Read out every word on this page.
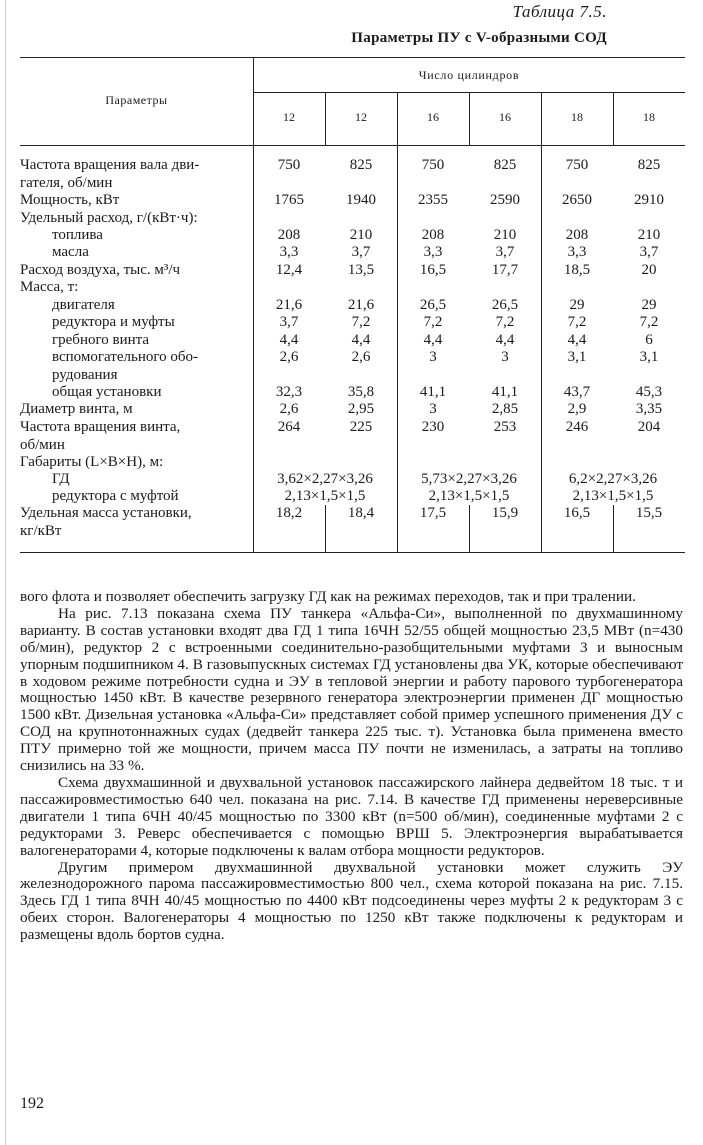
Таблица 7.5.
Параметры ПУ с V-образными СОД
Параметры
Число цилиндров
12	12	16	16	18	18
Частота вращения вала дви-
гателя, об/мин
750	825	750	825	750	825
Мощность, кВт	1765	1940	2355	2590	2650	2910
Удельный расход, г/(кВт·ч):
топлива	208	210	208	210	208	210
масла	3,3	3,7	3,3	3,7	3,3	3,7
Расход воздуха, тыс. м³/ч	12,4	13,5	16,5	17,7	18,5	20
Масса, т:
двигателя	21,6	21,6	26,5	26,5	29	29
редуктора и муфты	3,7	7,2	7,2	7,2	7,2	7,2
гребного винта	4,4	4,4	4,4	4,4	4,4	6
вспомогательного обо-
рудования
2,6	2,6	3	3	3,1	3,1
общая установки	32,3	35,8	41,1	41,1	43,7	45,3
Диаметр винта, м	2,6	2,95	3	2,85	2,9	3,35
Частота вращения винта,
об/мин
264	225	230	253	246	204
Габариты (L×B×H), м:
ГД	3,62×2,27×3,26	5,73×2,27×3,26	6,2×2,27×3,26
редуктора с муфтой	2,13×1,5×1,5	2,13×1,5×1,5	2,13×1,5×1,5
Удельная масса установки,
кг/кВт
18,2	18,4	17,5	15,9	16,5	15,5

вого флота и позволяет обеспечить загрузку ГД как на режимах переходов, так и при тралении.

На рис. 7.13 показана схема ПУ танкера «Альфа-Си», выполненной по двухмашинному варианту. В состав установки входят два ГД 1 типа 16ЧН 52/55 общей мощностью 23,5 МВт (n=430 об/мин), редуктор 2 с встроенными соединительно-разобщительными муфтами 3 и выносным упорным подшипником 4. В газовыпускных системах ГД установлены два УК, которые обеспечивают в ходовом режиме потребности судна и ЭУ в тепловой энергии и работу парового турбогенератора мощностью 1450 кВт. В качестве резервного генератора электроэнергии применен ДГ мощностью 1500 кВт. Дизельная установка «Альфа-Си» представляет собой пример успешного применения ДУ с СОД на крупнотоннажных судах (дедвейт танкера 225 тыс. т). Установка была применена вместо ПТУ примерно той же мощности, причем масса ПУ почти не изменилась, а затраты на топливо снизились на 33 %.

Схема двухмашинной и двухвальной установок пассажирского лайнера дедвейтом 18 тыс. т и пассажировместимостью 640 чел. показана на рис. 7.14. В качестве ГД применены нереверсивные двигатели 1 типа 6ЧН 40/45 мощностью по 3300 кВт (n=500 об/мин), соединенные муфтами 2 с редукторами 3. Реверс обеспечивается с помощью ВРШ 5. Электроэнергия вырабатывается валогенераторами 4, которые подключены к валам отбора мощности редукторов.

Другим примером двухмашинной двухвальной установки может служить ЭУ железнодорожного парома пассажировместимостью 800 чел., схема которой показана на рис. 7.15. Здесь ГД 1 типа 8ЧН 40/45 мощностью по 4400 кВт подсоединены через муфты 2 к редукторам 3 с обеих сторон. Валогенераторы 4 мощностью по 1250 кВт также подключены к редукторам и размещены вдоль бортов судна.

192
